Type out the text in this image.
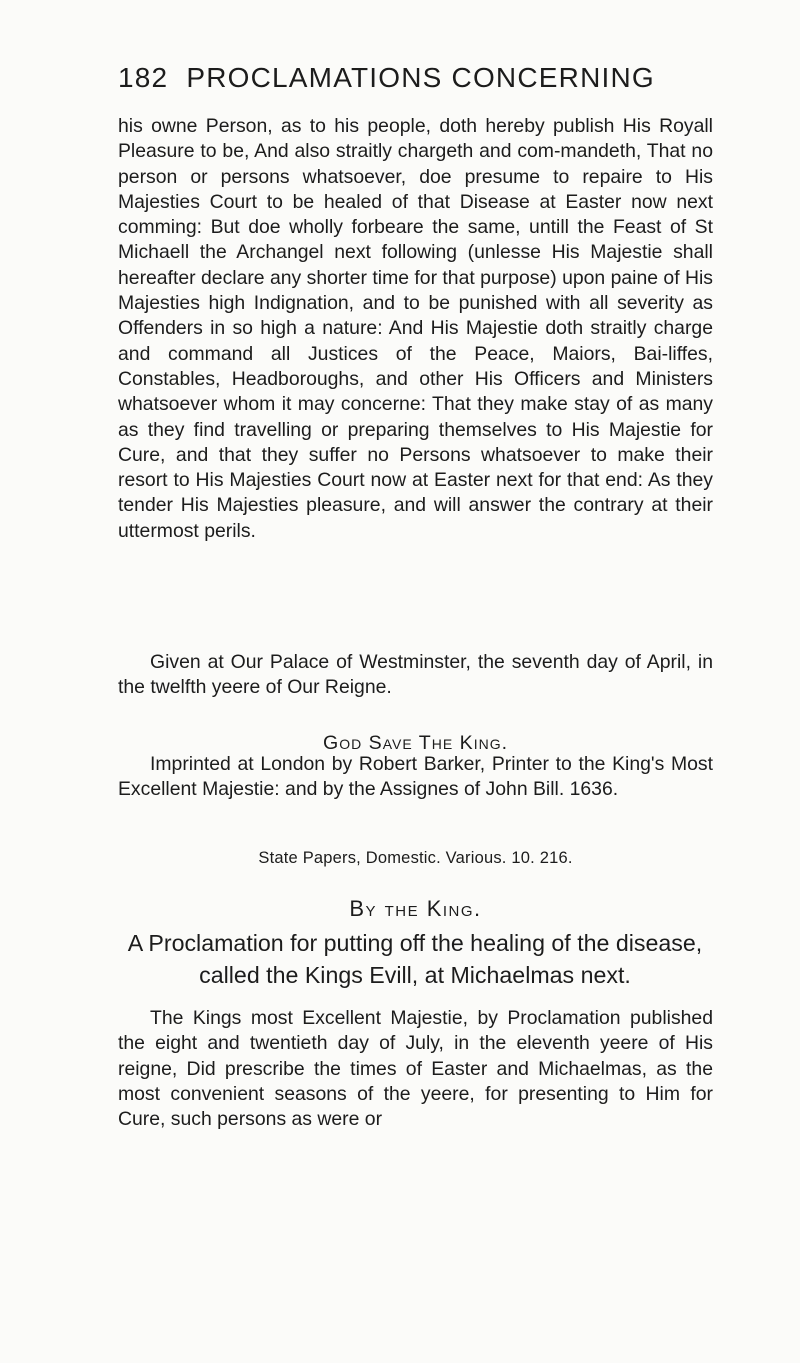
182 PROCLAMATIONS CONCERNING
his owne Person, as to his people, doth hereby publish His Royall Pleasure to be, And also straitly chargeth and com-mandeth, That no person or persons whatsoever, doe presume to repaire to His Majesties Court to be healed of that Disease at Easter now next comming: But doe wholly forbeare the same, untill the Feast of St Michaell the Archangel next following (unlesse His Majestie shall hereafter declare any shorter time for that purpose) upon paine of His Majesties high Indignation, and to be punished with all severity as Offenders in so high a nature: And His Majestie doth straitly charge and command all Justices of the Peace, Maiors, Bai-liffes, Constables, Headboroughs, and other His Officers and Ministers whatsoever whom it may concerne: That they make stay of as many as they find travelling or preparing themselves to His Majestie for Cure, and that they suffer no Persons whatsoever to make their resort to His Majesties Court now at Easter next for that end: As they tender His Majesties pleasure, and will answer the contrary at their uttermost perils.
Given at Our Palace of Westminster, the seventh day of April, in the twelfth yeere of Our Reigne.
God Save The King.
Imprinted at London by Robert Barker, Printer to the King's Most Excellent Majestie: and by the Assignes of John Bill. 1636.
State Papers, Domestic. Various. 10. 216.
By the King.
A Proclamation for putting off the healing of the disease, called the Kings Evill, at Michaelmas next.
The Kings most Excellent Majestie, by Proclamation published the eight and twentieth day of July, in the eleventh yeere of His reigne, Did prescribe the times of Easter and Michaelmas, as the most convenient seasons of the yeere, for presenting to Him for Cure, such persons as were or
